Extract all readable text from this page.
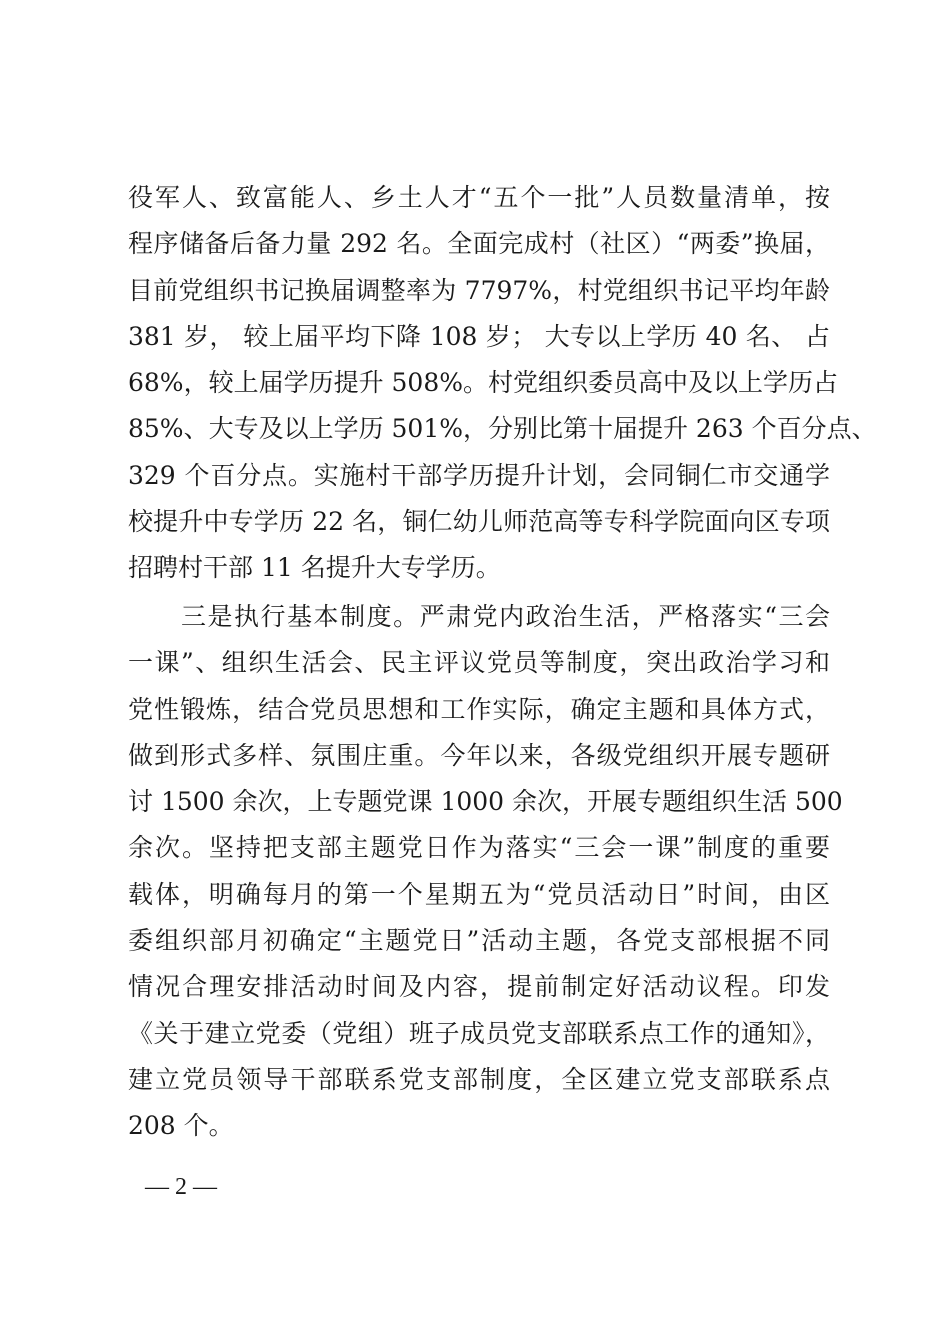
役军人、致富能人、乡土人才“五个一批”人员数量清单，按
程序储备后备力量 292 名。全面完成村（社区）“两委”换届，
目前党组织书记换届调整率为 7797%，村党组织书记平均年龄
381 岁， 较上届平均下降 108 岁； 大专以上学历 40 名、 占
68%，较上届学历提升 508%。村党组织委员高中及以上学历占
85%、大专及以上学历 501%，分别比第十届提升 263 个百分点、
329 个百分点。实施村干部学历提升计划，会同铜仁市交通学
校提升中专学历 22 名，铜仁幼儿师范高等专科学院面向区专项
招聘村干部 11 名提升大专学历。
　　三是执行基本制度。严肃党内政治生活，严格落实“三会
一课”、组织生活会、民主评议党员等制度，突出政治学习和
党性锻炼，结合党员思想和工作实际，确定主题和具体方式，
做到形式多样、氛围庄重。今年以来，各级党组织开展专题研
讨 1500 余次，上专题党课 1000 余次，开展专题组织生活 500
余次。坚持把支部主题党日作为落实“三会一课”制度的重要
载体，明确每月的第一个星期五为“党员活动日”时间，由区
委组织部月初确定“主题党日”活动主题，各党支部根据不同
情况合理安排活动时间及内容，提前制定好活动议程。印发
《关于建立党委（党组）班子成员党支部联系点工作的通知》，
建立党员领导干部联系党支部制度，全区建立党支部联系点
208 个。
— 2 —
